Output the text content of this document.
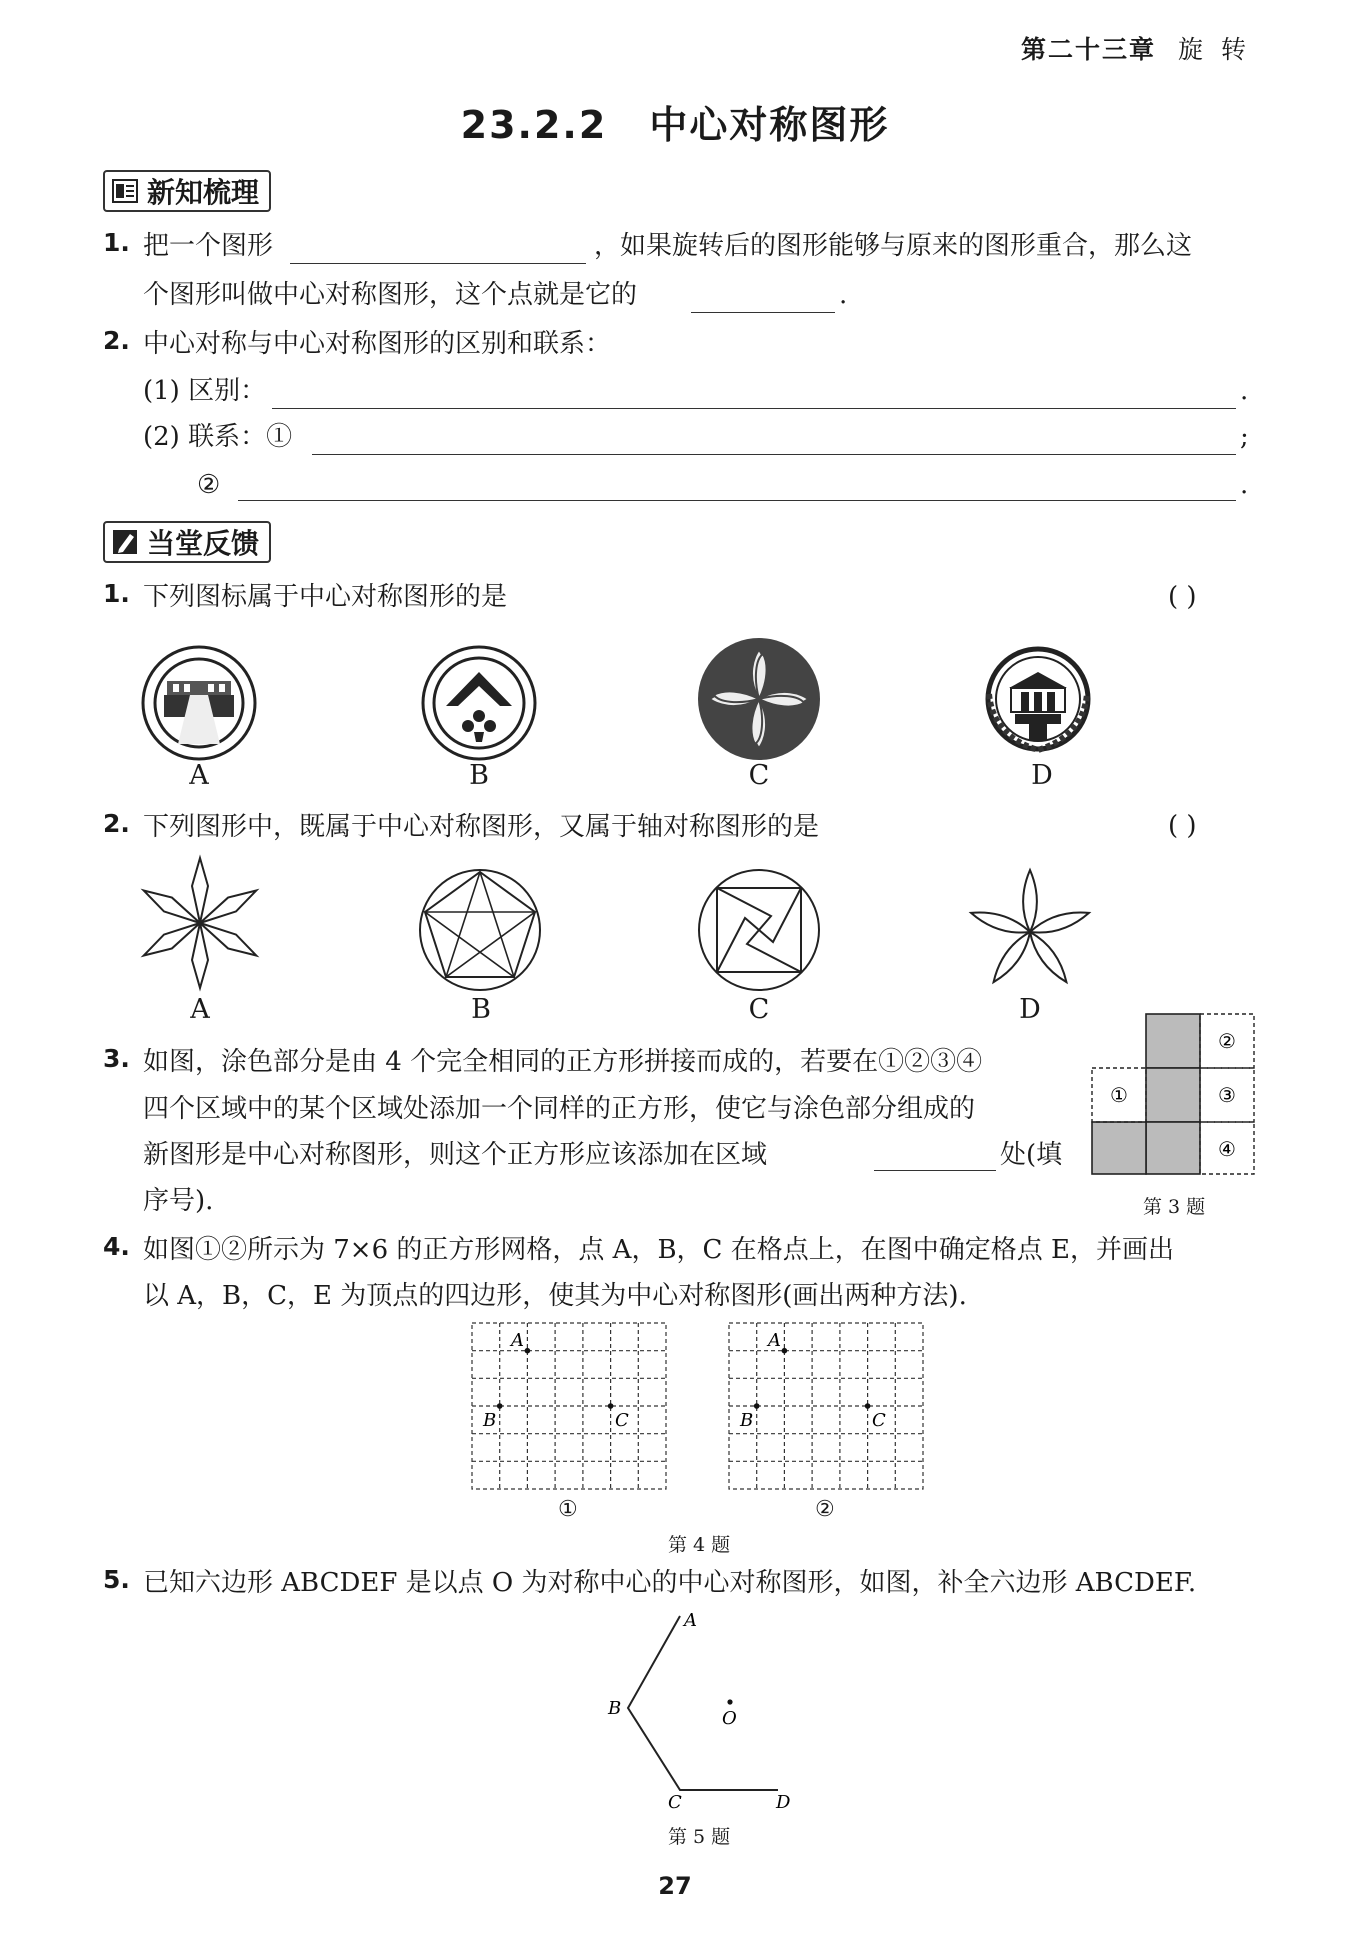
第二十三章 旋转
23.2.2 中心对称图形
新知梳理
1. 把一个图形	，如果旋转后的图形能够与原来的图形重合，那么这
个图形叫做中心对称图形，这个点就是它的	.
2. 中心对称与中心对称图形的区别和联系：
(1) 区别：	.
(2) 联系：①	;
②	.
当堂反馈
1. 下列图标属于中心对称图形的是	( )
A	B	C	D
2. 下列图形中，既属于中心对称图形，又属于轴对称图形的是	( )
A	B	C	D
3. 如图，涂色部分是由 4 个完全相同的正方形拼接而成的，若要在①②③④
四个区域中的某个区域处添加一个同样的正方形，使它与涂色部分组成的
新图形是中心对称图形，则这个正方形应该添加在区域	处(填
序号).
①
②
③
④
第 3 题
4. 如图①②所示为 7×6 的正方形网格，点 A，B，C 在格点上，在图中确定格点 E，并画出
以 A，B，C，E 为顶点的四边形，使其为中心对称图形(画出两种方法).
A
B	C
①
A
B	C
②
第 4 题
5. 已知六边形 ABCDEF 是以点 O 为对称中心的中心对称图形，如图，补全六边形 ABCDEF.
A
B
C	D
O
第 5 题
27
